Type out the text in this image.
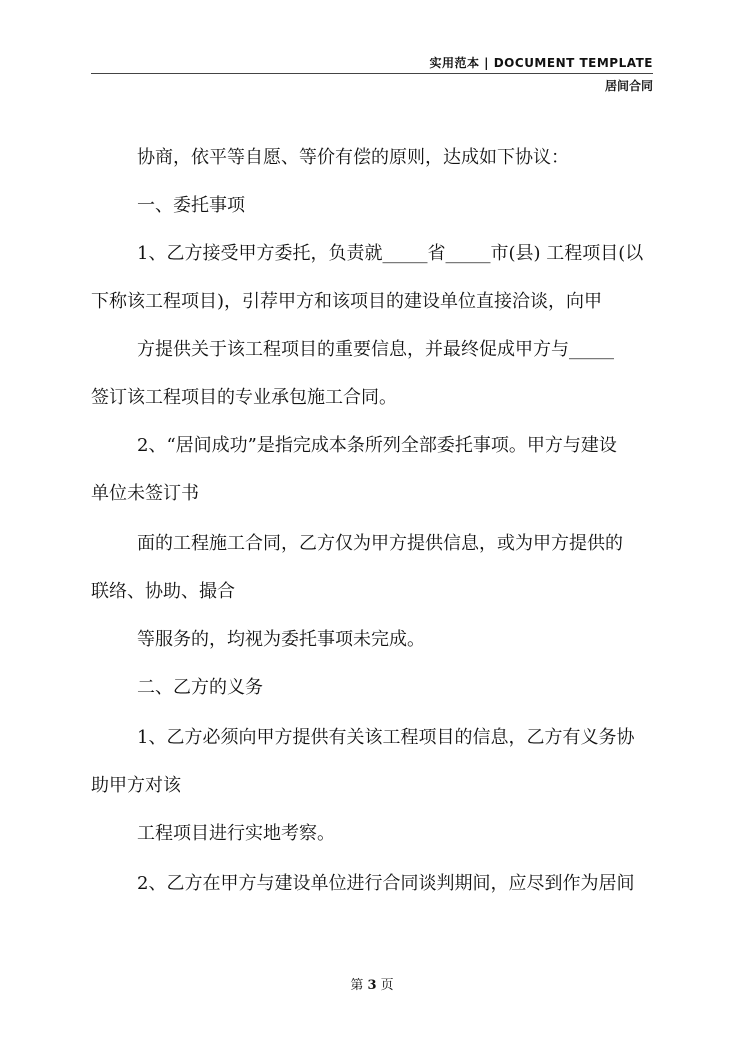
实用范本 | DOCUMENT TEMPLATE
居间合同
协商，依平等自愿、等价有偿的原则，达成如下协议：
一、委托事项
1、乙方接受甲方委托，负责就_____省_____市(县) 工程项目(以
下称该工程项目)，引荐甲方和该项目的建设单位直接洽谈，向甲
方提供关于该工程项目的重要信息，并最终促成甲方与_____
签订该工程项目的专业承包施工合同。
2、“居间成功”是指完成本条所列全部委托事项。甲方与建设
单位未签订书
面的工程施工合同，乙方仅为甲方提供信息，或为甲方提供的
联络、协助、撮合
等服务的，均视为委托事项未完成。
二、乙方的义务
1、乙方必须向甲方提供有关该工程项目的信息，乙方有义务协
助甲方对该
工程项目进行实地考察。
2、乙方在甲方与建设单位进行合同谈判期间，应尽到作为居间
第 3 页
